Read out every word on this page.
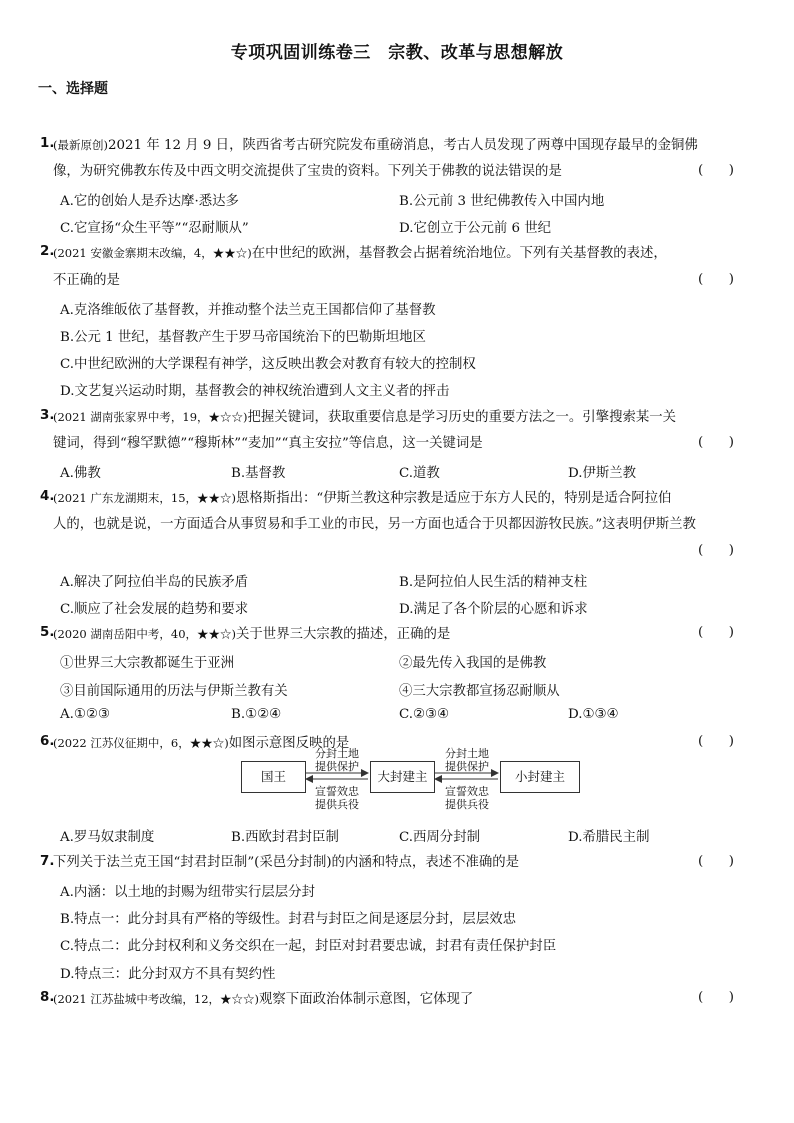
专项巩固训练卷三　宗教、改革与思想解放
一、选择题
1.
(最新原创)2021 年 12 月 9 日，陕西省考古研究院发布重磅消息，考古人员发现了两尊中国现存最早的金铜佛
像，为研究佛教东传及中西文明交流提供了宝贵的资料。下列关于佛教的说法错误的是	(      )
A.它的创始人是乔达摩·悉达多	B.公元前 3 世纪佛教传入中国内地
C.它宣扬“众生平等”“忍耐顺从”	D.它创立于公元前 6 世纪
2.
(2021 安徽金寨期末改编，4，★★☆)在中世纪的欧洲，基督教会占据着统治地位。下列有关基督教的表述，
不正确的是	(      )
A.克洛维皈依了基督教，并推动整个法兰克王国都信仰了基督教
B.公元 1 世纪，基督教产生于罗马帝国统治下的巴勒斯坦地区
C.中世纪欧洲的大学课程有神学，这反映出教会对教育有较大的控制权
D.文艺复兴运动时期，基督教会的神权统治遭到人文主义者的抨击
3.
(2021 湖南张家界中考，19，★☆☆)把握关键词，获取重要信息是学习历史的重要方法之一。引擎搜索某一关
键词，得到“穆罕默德”“穆斯林”“麦加”“真主安拉”等信息，这一关键词是	(      )
A.佛教	B.基督教	C.道教	D.伊斯兰教
4.
(2021 广东龙湖期末，15，★★☆)恩格斯指出：“伊斯兰教这种宗教是适应于东方人民的，特别是适合阿拉伯
人的，也就是说，一方面适合从事贸易和手工业的市民，另一方面也适合于贝都因游牧民族。”这表明伊斯兰教
(      )
A.解决了阿拉伯半岛的民族矛盾	B.是阿拉伯人民生活的精神支柱
C.顺应了社会发展的趋势和要求	D.满足了各个阶层的心愿和诉求
5.
(2020 湖南岳阳中考，40，★★☆)关于世界三大宗教的描述，正确的是	(      )
①世界三大宗教都诞生于亚洲	②最先传入我国的是佛教
③目前国际通用的历法与伊斯兰教有关	④三大宗教都宣扬忍耐顺从
A.①②③	B.①②④	C.②③④	D.①③④
6.
(2022 江苏仪征期中，6，★★☆)如图示意图反映的是	(      )
国王	大封建主	小封建主
分封土地
提供保护
宣誓效忠
提供兵役
分封土地
提供保护
宣誓效忠
提供兵役
A.罗马奴隶制度	B.西欧封君封臣制	C.西周分封制	D.希腊民主制
7.
下列关于法兰克王国“封君封臣制”(采邑分封制)的内涵和特点，表述不准确的是	(      )
A.内涵：以土地的封赐为纽带实行层层分封
B.特点一：此分封具有严格的等级性。封君与封臣之间是逐层分封，层层效忠
C.特点二：此分封权利和义务交织在一起，封臣对封君要忠诚，封君有责任保护封臣
D.特点三：此分封双方不具有契约性
8.
(2021 江苏盐城中考改编，12，★☆☆)观察下面政治体制示意图，它体现了	(      )
